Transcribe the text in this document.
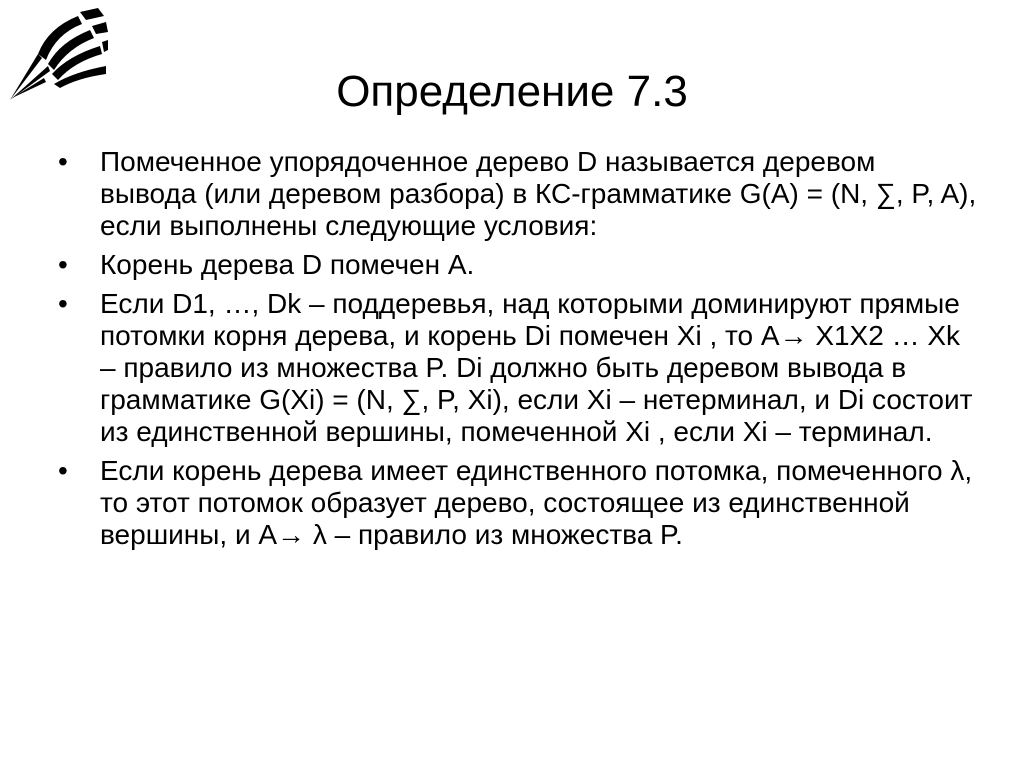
Определение 7.3
•	Помеченное упорядоченное дерево D называется деревом вывода (или деревом разбора) в КС-грамматике G(A) = (N, ∑, P, A), если выполнены следующие условия:
•	Корень дерева D помечен A.
•	Если D1, …, Dk – поддеревья, над которыми доминируют прямые потомки корня дерева, и корень Di помечен Xi , то A→ X1X2 … Xk – правило из множества P. Di должно быть деревом вывода в грамматике G(Xi) = (N, ∑, P, Xi), если Xi – нетерминал, и Di состоит из единственной вершины, помеченной Xi , если Xi – терминал.
•	Если корень дерева имеет единственного потомка, помеченного λ, то этот потомок образует дерево, состоящее из единственной вершины, и A→ λ – правило из множества P.
